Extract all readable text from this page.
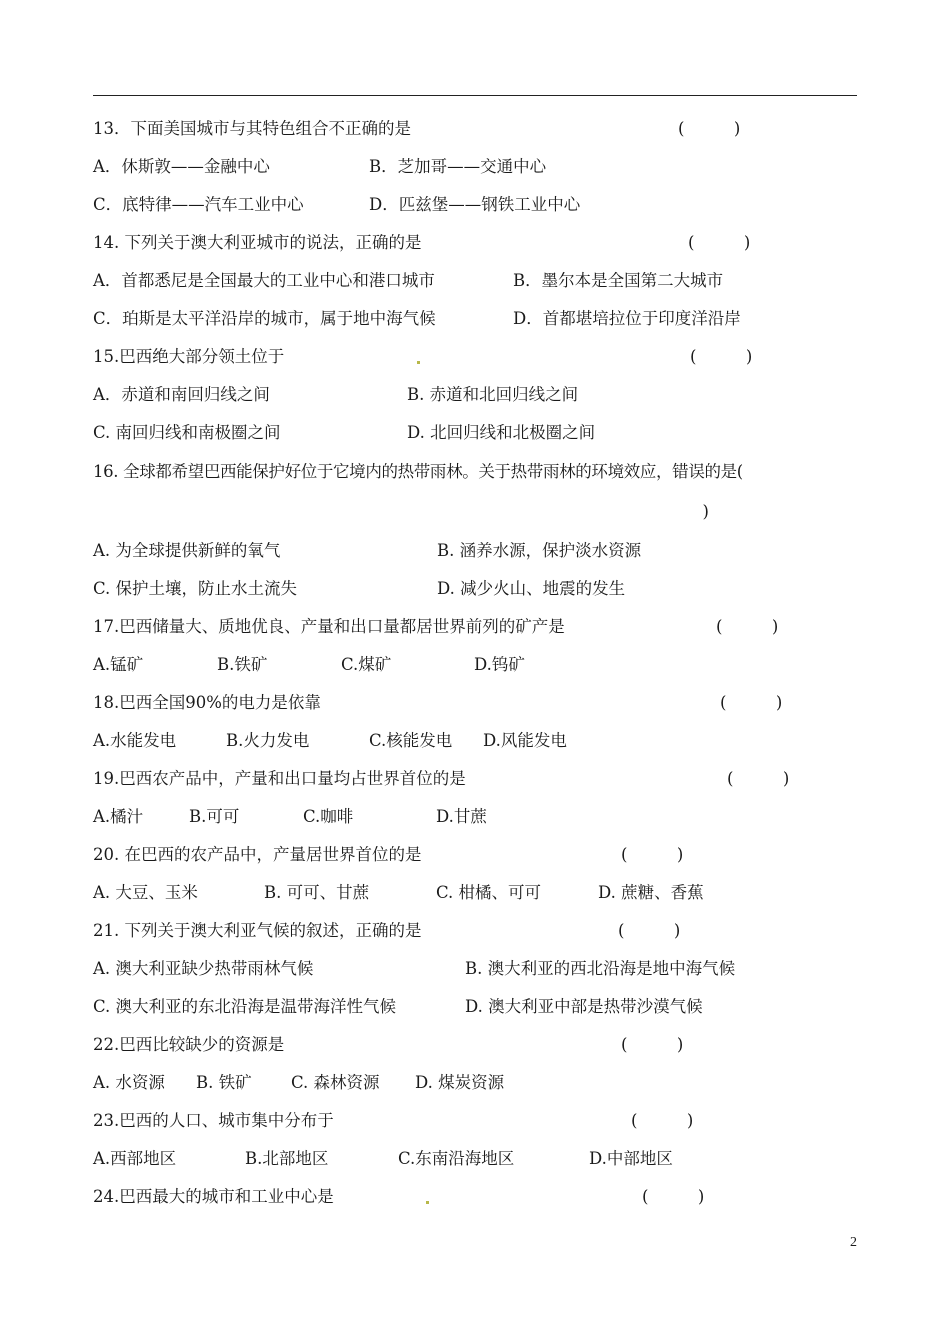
13．下面美国城市与其特色组合不正确的是	(　　　)
A．休斯敦——金融中心	B．芝加哥——交通中心
C．底特律——汽车工业中心	D．匹兹堡——钢铁工业中心
14. 下列关于澳大利亚城市的说法，正确的是	(　　　)
A．首都悉尼是全国最大的工业中心和港口城市	B．墨尔本是全国第二大城市
C．珀斯是太平洋沿岸的城市，属于地中海气候	D．首都堪培拉位于印度洋沿岸
15.巴西绝大部分领土位于	(　　　)
A．赤道和南回归线之间	B. 赤道和北回归线之间
C. 南回归线和南极圈之间	D. 北回归线和北极圈之间
16. 全球都希望巴西能保护好位于它境内的热带雨林。关于热带雨林的环境效应，错误的是(
　　　)
A. 为全球提供新鲜的氧气	B. 涵养水源，保护淡水资源
C. 保护土壤，防止水土流失	D. 减少火山、地震的发生
17.巴西储量大、质地优良、产量和出口量都居世界前列的矿产是	(　　　)
A.锰矿	B.铁矿	C.煤矿	D.钨矿
18.巴西全国90%的电力是依靠	(　　　)
A.水能发电	B.火力发电	C.核能发电 D.风能发电
19.巴西农产品中，产量和出口量均占世界首位的是	(　　　)
A.橘汁	B.可可	C.咖啡	D.甘蔗
20. 在巴西的农产品中，产量居世界首位的是	(　　　)
A. 大豆、玉米	B. 可可、甘蔗	C. 柑橘、可可	D. 蔗糖、香蕉
21. 下列关于澳大利亚气候的叙述，正确的是	(　　　)
A. 澳大利亚缺少热带雨林气候	B. 澳大利亚的西北沿海是地中海气候
C. 澳大利亚的东北沿海是温带海洋性气候	D. 澳大利亚中部是热带沙漠气候
22.巴西比较缺少的资源是	(　　　)
A. 水资源 B. 铁矿 C. 森林资源 D. 煤炭资源
23.巴西的人口、城市集中分布于	(　　　)
A.西部地区	B.北部地区	C.东南沿海地区	D.中部地区
24.巴西最大的城市和工业中心是	(　　　)
2
